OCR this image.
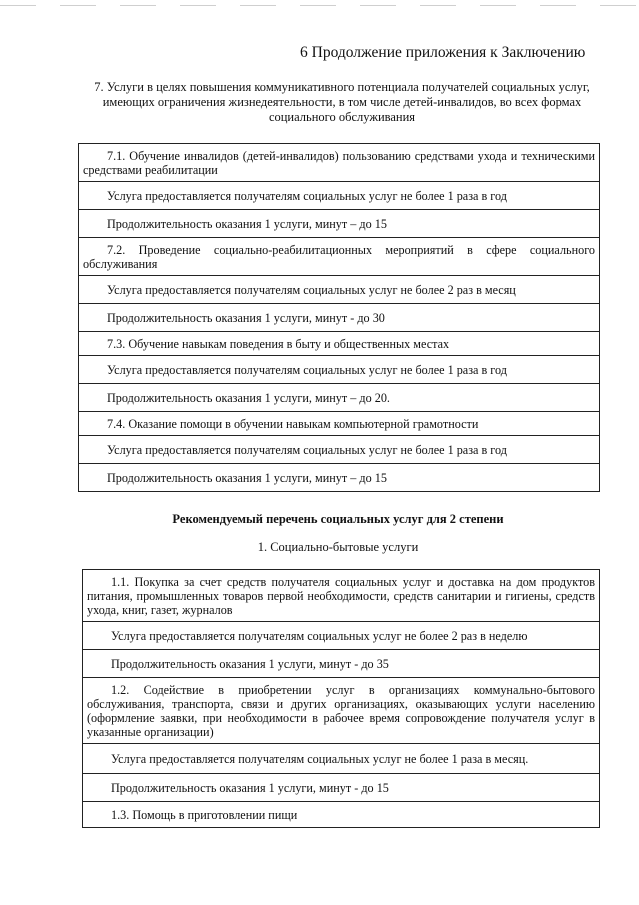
6 Продолжение приложения к Заключению
7. Услуги в целях повышения коммуникативного потенциала получателей социальных услуг, имеющих ограничения жизнедеятельности, в том числе детей-инвалидов, во всех формах социального обслуживания
7.1. Обучение инвалидов (детей-инвалидов) пользованию средствами ухода и техническими средствами реабилитации
Услуга предоставляется получателям социальных услуг не более 1 раза в год
Продолжительность оказания 1 услуги, минут – до 15
7.2. Проведение социально-реабилитационных мероприятий в сфере социального обслуживания
Услуга предоставляется получателям социальных услуг не более 2 раз в месяц
Продолжительность оказания 1 услуги, минут - до 30
7.3. Обучение навыкам поведения в быту и общественных местах
Услуга предоставляется получателям социальных услуг не более 1 раза в год
Продолжительность оказания 1 услуги, минут – до 20.
7.4. Оказание помощи в обучении навыкам компьютерной грамотности
Услуга предоставляется получателям социальных услуг не более 1 раза в год
Продолжительность оказания 1 услуги, минут – до 15
Рекомендуемый перечень социальных услуг для 2 степени
1. Социально-бытовые услуги
1.1. Покупка за счет средств получателя социальных услуг и доставка на дом продуктов питания, промышленных товаров первой необходимости, средств санитарии и гигиены, средств ухода, книг, газет, журналов
Услуга предоставляется получателям социальных услуг не более 2 раз в неделю
Продолжительность оказания 1 услуги, минут - до 35
1.2. Содействие в приобретении услуг в организациях коммунально-бытового обслуживания, транспорта, связи и других организациях, оказывающих услуги населению (оформление заявки, при необходимости в рабочее время сопровождение получателя услуг в указанные организации)
Услуга предоставляется получателям социальных услуг не более 1 раза в месяц.
Продолжительность оказания 1 услуги, минут - до 15
1.3. Помощь в приготовлении пищи
